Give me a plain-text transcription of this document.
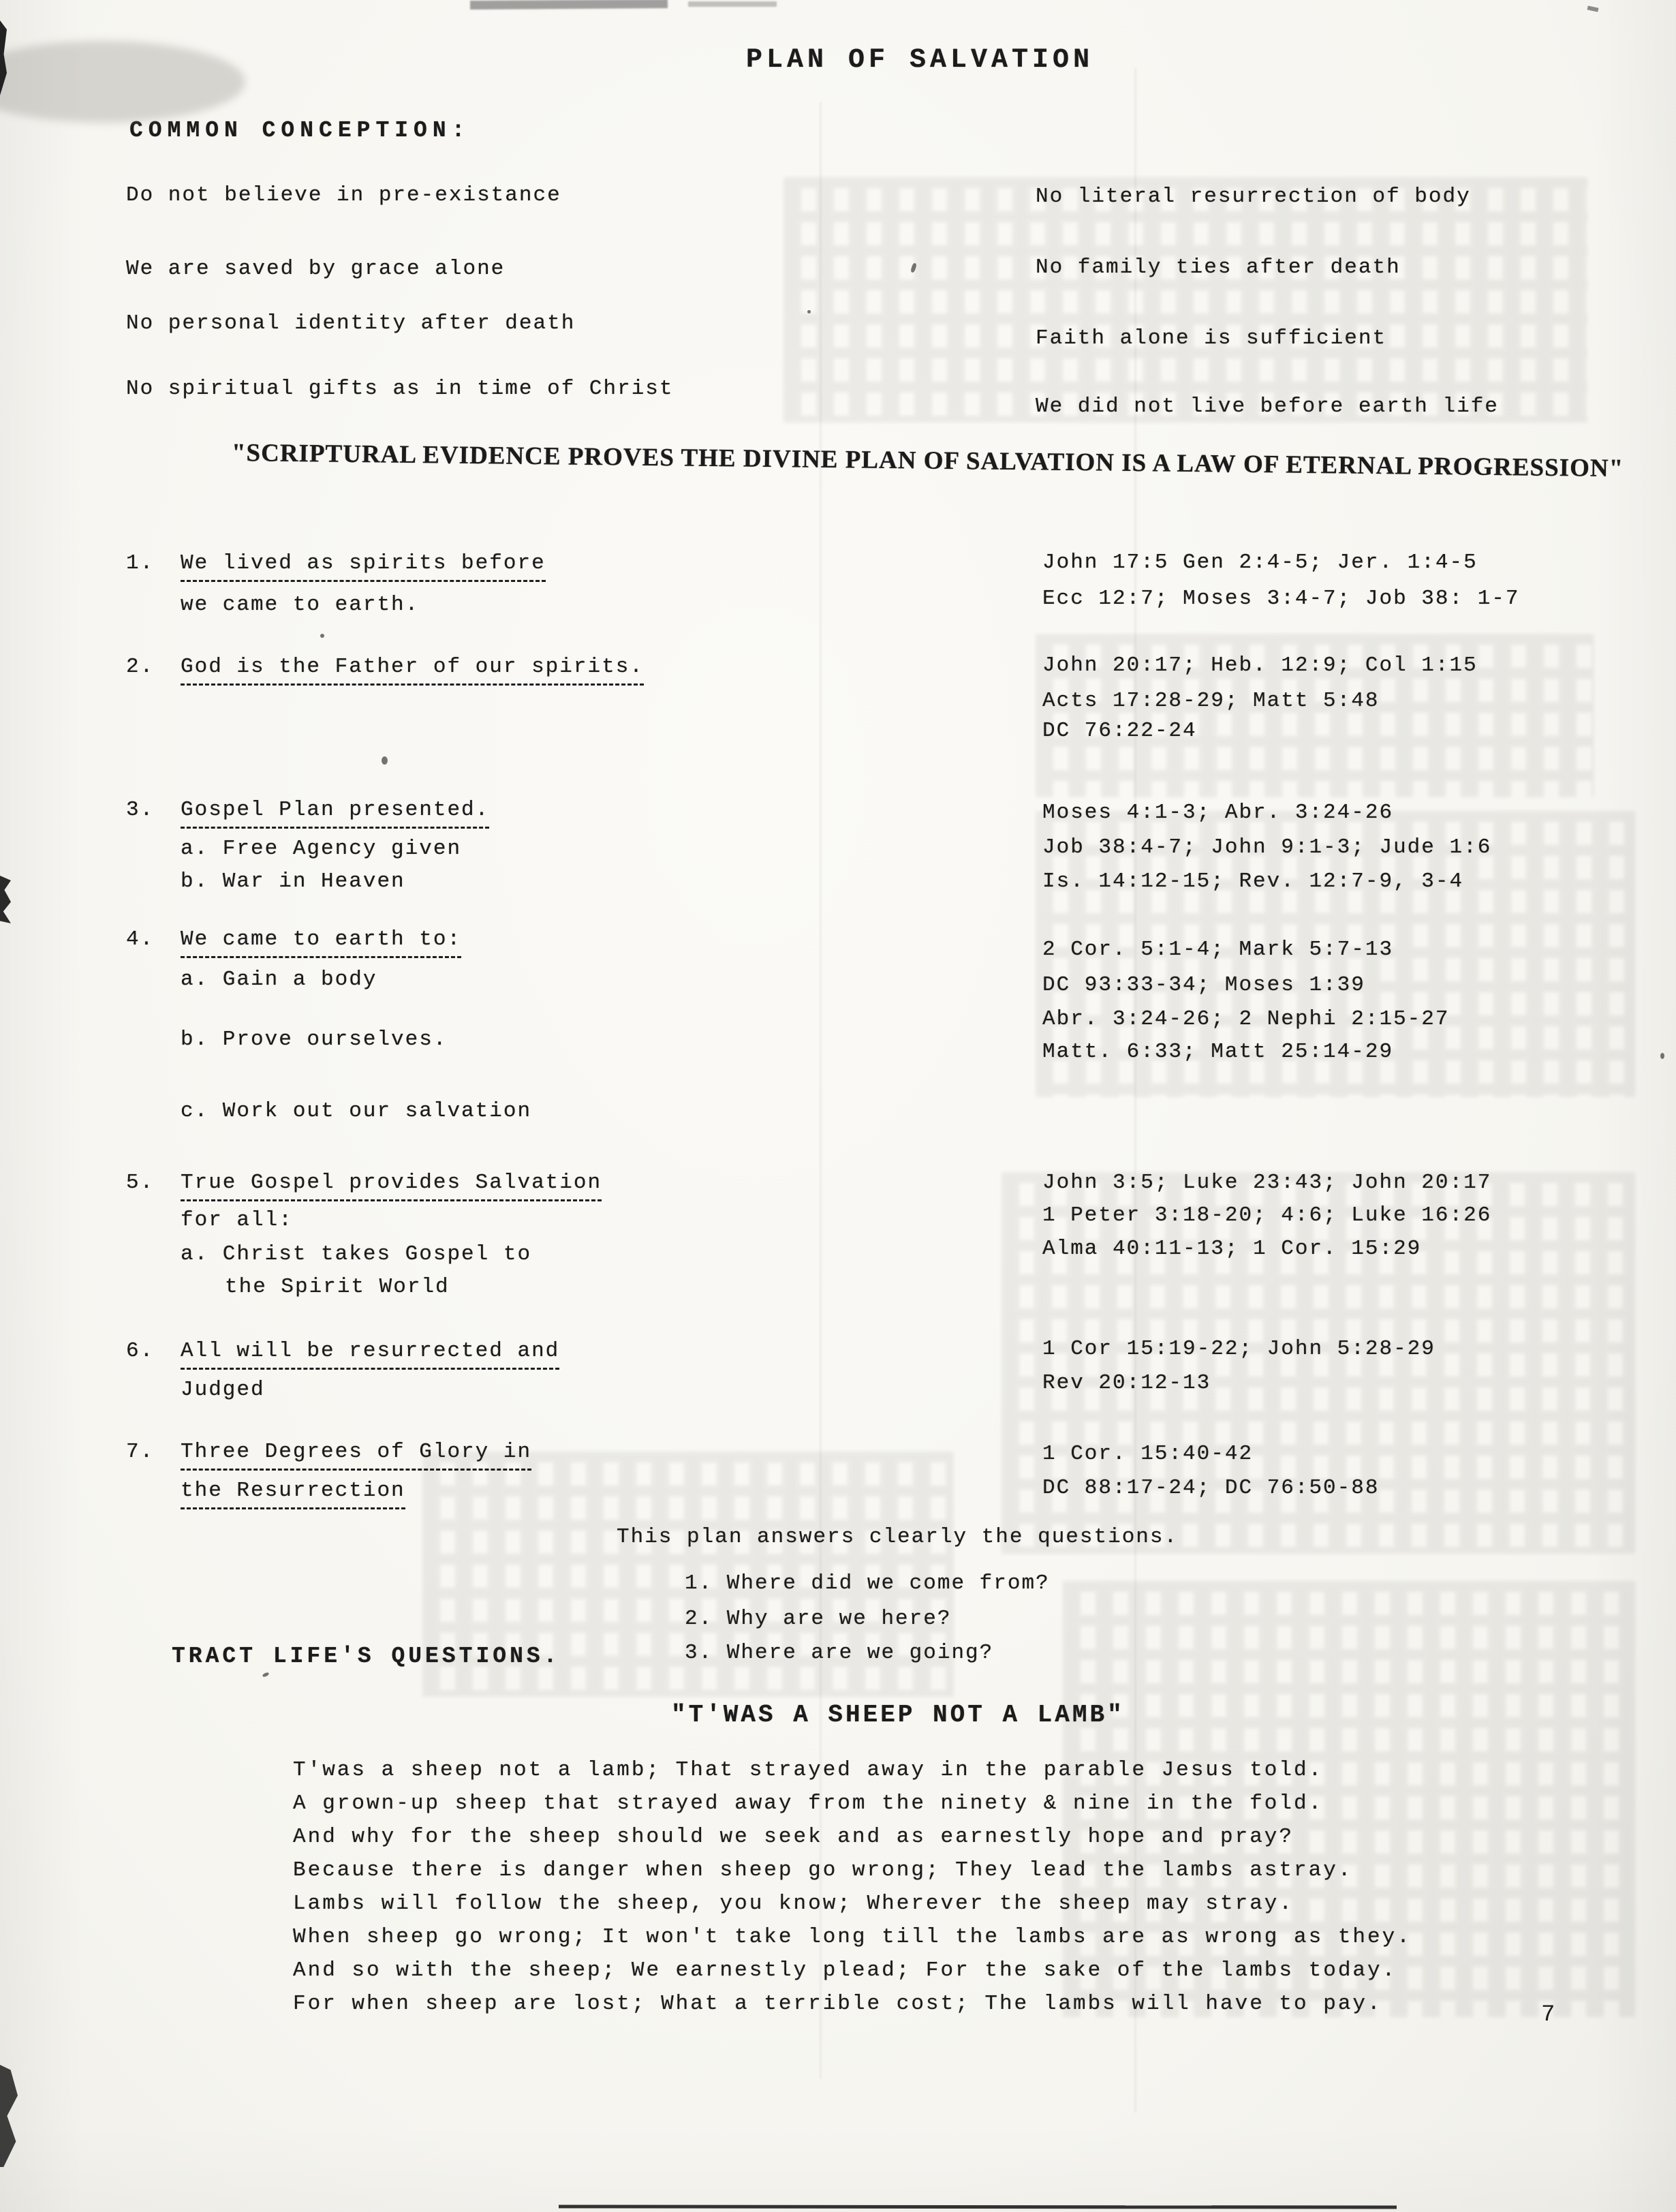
PLAN OF SALVATION
COMMON CONCEPTION:
Do not believe in pre-existance
We are saved by grace alone
No personal identity after death
No spiritual gifts as in time of Christ
No literal resurrection of body
No family ties after death
Faith alone is sufficient
We did not live before earth life
"SCRIPTURAL EVIDENCE PROVES THE DIVINE PLAN OF SALVATION IS A LAW OF ETERNAL PROGRESSION"
1. We lived as spirits before
we came to earth.
John 17:5 Gen 2:4-5; Jer. 1:4-5
Ecc 12:7; Moses 3:4-7; Job 38: 1-7
2. God is the Father of our spirits.	John 20:17; Heb. 12:9; Col 1:15
Acts 17:28-29; Matt 5:48
DC 76:22-24
3. Gospel Plan presented.
a. Free Agency given
b. War in Heaven
Moses 4:1-3; Abr. 3:24-26
Job 38:4-7; John 9:1-3; Jude 1:6
Is. 14:12-15; Rev. 12:7-9, 3-4
4. We came to earth to:
a. Gain a body
b. Prove ourselves.
c. Work out our salvation
2 Cor. 5:1-4; Mark 5:7-13
DC 93:33-34; Moses 1:39
Abr. 3:24-26; 2 Nephi 2:15-27
Matt. 6:33; Matt 25:14-29
5. True Gospel provides Salvation
for all:
a. Christ takes Gospel to
the Spirit World
John 3:5; Luke 23:43; John 20:17
1 Peter 3:18-20; 4:6; Luke 16:26
Alma 40:11-13; 1 Cor. 15:29
6. All will be resurrected and
Judged
1 Cor 15:19-22; John 5:28-29
Rev 20:12-13
7. Three Degrees of Glory in
the Resurrection
1 Cor. 15:40-42
DC 88:17-24; DC 76:50-88
This plan answers clearly the questions.
1. Where did we come from?
2. Why are we here?
3. Where are we going?
TRACT LIFE'S QUESTIONS.
"T'WAS A SHEEP NOT A LAMB"
T'was a sheep not a lamb; That strayed away in the parable Jesus told.
A grown-up sheep that strayed away from the ninety & nine in the fold.
And why for the sheep should we seek and as earnestly hope and pray?
Because there is danger when sheep go wrong; They lead the lambs astray.
Lambs will follow the sheep, you know; Wherever the sheep may stray.
When sheep go wrong; It won't take long till the lambs are as wrong as they.
And so with the sheep; We earnestly plead; For the sake of the lambs today.
For when sheep are lost; What a terrible cost; The lambs will have to pay.	7
